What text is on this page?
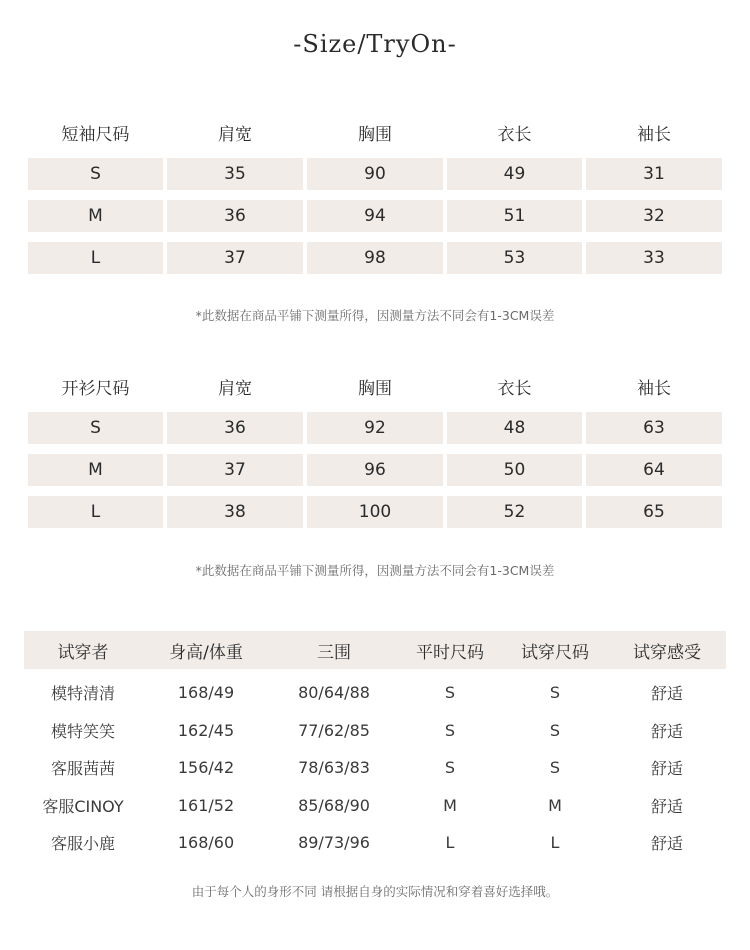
-Size/TryOn-
短袖尺码	肩宽	胸围	衣长	袖长
S	35	90	49	31
M	36	94	51	32
L	37	98	53	33
*此数据在商品平铺下测量所得，因测量方法不同会有1-3CM误差
开衫尺码	肩宽	胸围	衣长	袖长
S	36	92	48	63
M	37	96	50	64
L	38	100	52	65
*此数据在商品平铺下测量所得，因测量方法不同会有1-3CM误差
试穿者	身高/体重	三围	平时尺码	试穿尺码	试穿感受
模特清清	168/49	80/64/88	S	S	舒适
模特笑笑	162/45	77/62/85	S	S	舒适
客服茜茜	156/42	78/63/83	S	S	舒适
客服CINOY	161/52	85/68/90	M	M	舒适
客服小鹿	168/60	89/73/96	L	L	舒适
由于每个人的身形不同 请根据自身的实际情况和穿着喜好选择哦。
